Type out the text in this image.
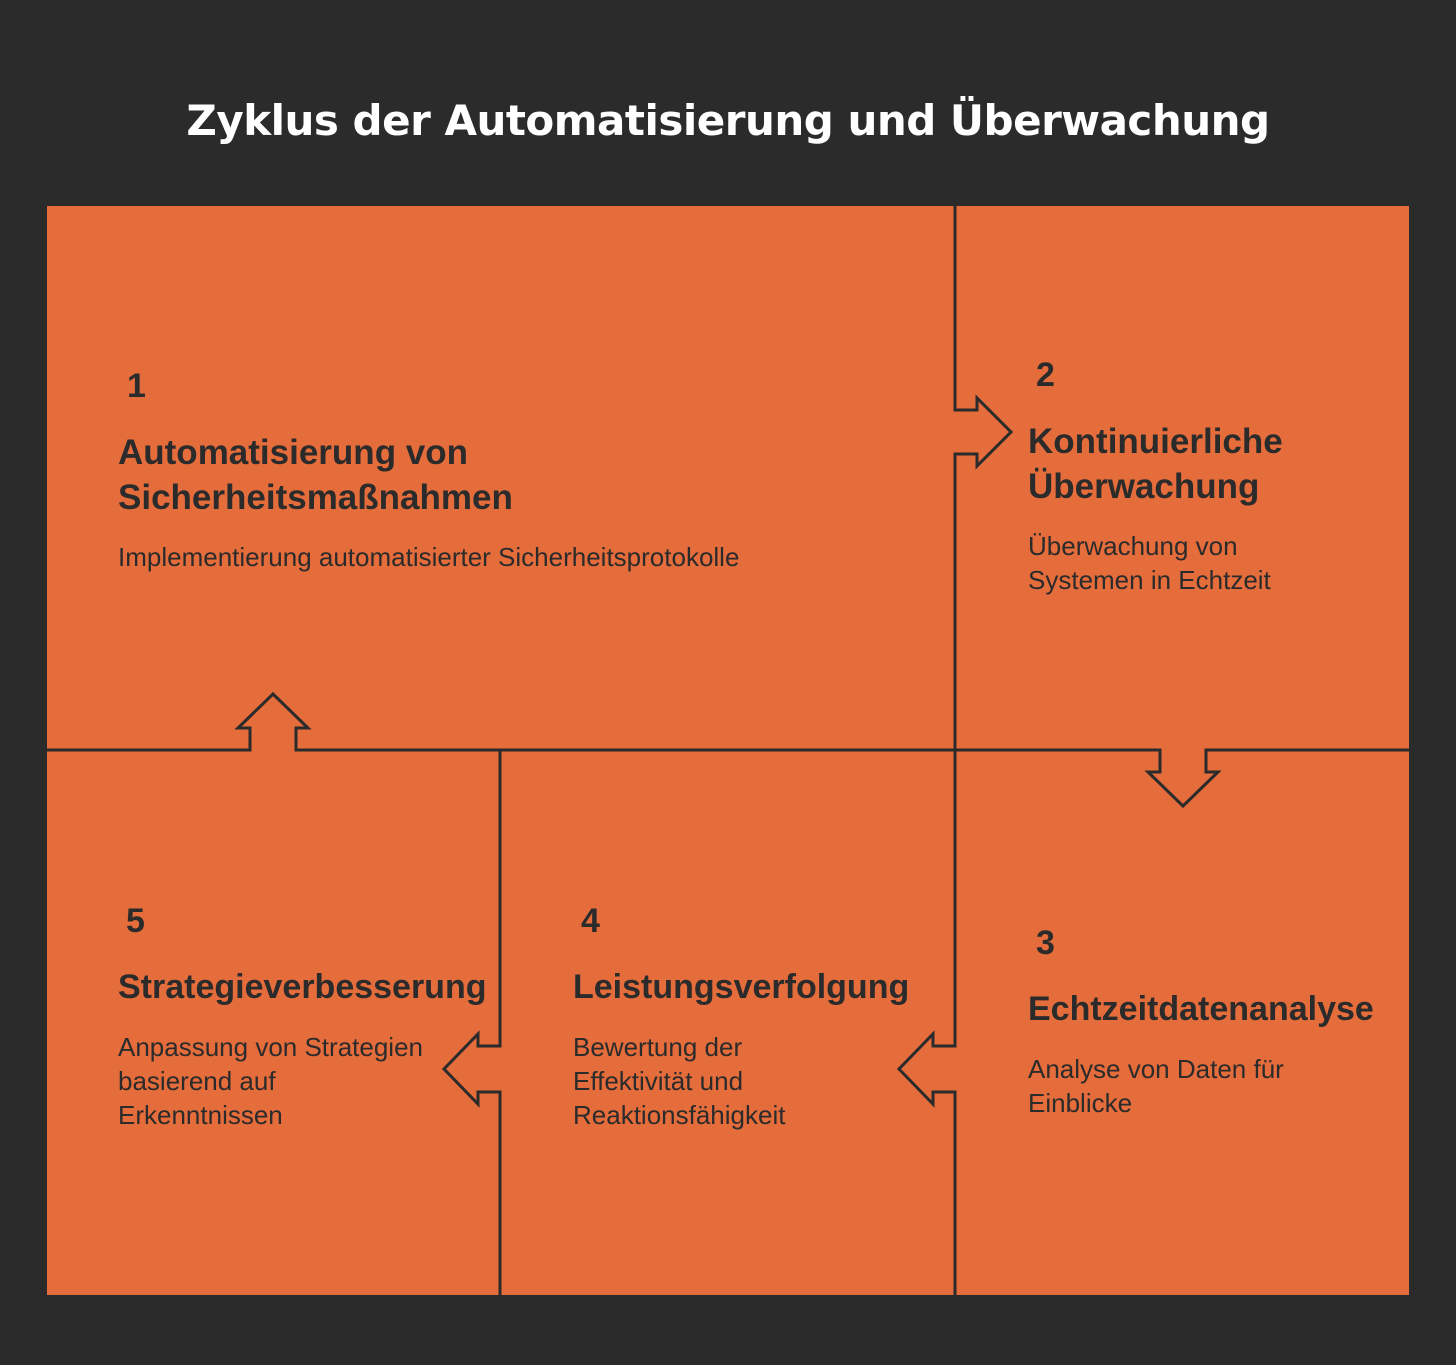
Zyklus der Automatisierung und Überwachung
1
Automatisierung von
Sicherheitsmaßnahmen
Implementierung automatisierter Sicherheitsprotokolle
2
Kontinuierliche
Überwachung
Überwachung von
Systemen in Echtzeit
3
Echtzeitdatenanalyse
Analyse von Daten für
Einblicke
4
Leistungsverfolgung
Bewertung der
Effektivität und
Reaktionsfähigkeit
5
Strategieverbesserung
Anpassung von Strategien
basierend auf
Erkenntnissen
